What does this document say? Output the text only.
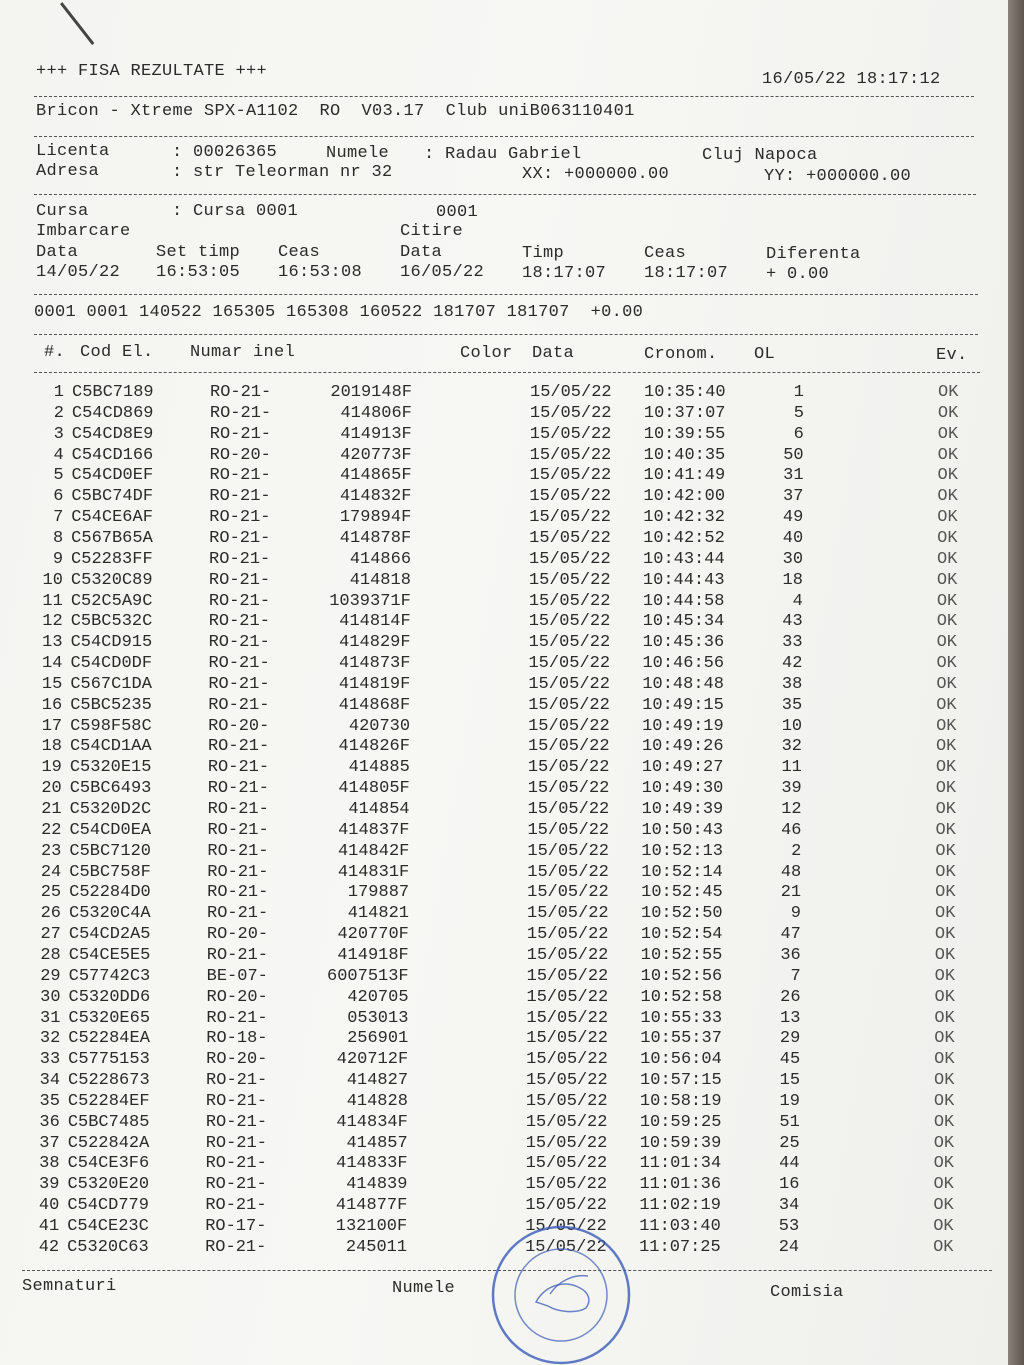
+++ FISA REZULTATE +++	16/05/22 18:17:12
Bricon - Xtreme SPX-A1102  RO  V03.17  Club uniB063110401
Licenta	: 00026365	Numele : Radau Gabriel	Cluj Napoca
Adresa	: str Teleorman nr 32	XX: +000000.00	YY: +000000.00
Cursa	: Cursa 0001	0001
Imbarcare	Citire
Data	Set timp Ceas	Data	Timp	Ceas	Diferenta
14/05/22 16:53:05 16:53:08 16/05/22 18:17:07 18:17:07 + 0.00
0001 0001 140522 165305 165308 160522 181707 181707  +0.00
#. Cod El. Numar inel	Color Data	Cronom. OL	Ev.
1 C5BC7189	RO-21-	2019148F	15/05/22 10:35:40	1	OK
2 C54CD869	RO-21-	414806F	15/05/22 10:37:07	5	OK
3 C54CD8E9	RO-21-	414913F	15/05/22 10:39:55	6	OK
4 C54CD166	RO-20-	420773F	15/05/22 10:40:35	50	OK
5 C54CD0EF	RO-21-	414865F	15/05/22 10:41:49	31	OK
6 C5BC74DF	RO-21-	414832F	15/05/22 10:42:00	37	OK
7 C54CE6AF	RO-21-	179894F	15/05/22 10:42:32	49	OK
8 C567B65A	RO-21-	414878F	15/05/22 10:42:52	40	OK
9 C52283FF	RO-21-	414866	15/05/22 10:43:44	30	OK
10 C5320C89	RO-21-	414818	15/05/22 10:44:43	18	OK
11 C52C5A9C	RO-21-	1039371F	15/05/22 10:44:58	4	OK
12 C5BC532C	RO-21-	414814F	15/05/22 10:45:34	43	OK
13 C54CD915	RO-21-	414829F	15/05/22 10:45:36	33	OK
14 C54CD0DF	RO-21-	414873F	15/05/22 10:46:56	42	OK
15 C567C1DA	RO-21-	414819F	15/05/22 10:48:48	38	OK
16 C5BC5235	RO-21-	414868F	15/05/22 10:49:15	35	OK
17 C598F58C	RO-20-	420730	15/05/22 10:49:19	10	OK
18 C54CD1AA	RO-21-	414826F	15/05/22 10:49:26	32	OK
19 C5320E15	RO-21-	414885	15/05/22 10:49:27	11	OK
20 C5BC6493	RO-21-	414805F	15/05/22 10:49:30	39	OK
21 C5320D2C	RO-21-	414854	15/05/22 10:49:39	12	OK
22 C54CD0EA	RO-21-	414837F	15/05/22 10:50:43	46	OK
23 C5BC7120	RO-21-	414842F	15/05/22 10:52:13	2	OK
24 C5BC758F	RO-21-	414831F	15/05/22 10:52:14	48	OK
25 C52284D0	RO-21-	179887	15/05/22 10:52:45	21	OK
26 C5320C4A	RO-21-	414821	15/05/22 10:52:50	9	OK
27 C54CD2A5	RO-20-	420770F	15/05/22 10:52:54	47	OK
28 C54CE5E5	RO-21-	414918F	15/05/22 10:52:55	36	OK
29 C57742C3	BE-07-	6007513F	15/05/22 10:52:56	7	OK
30 C5320DD6	RO-20-	420705	15/05/22 10:52:58	26	OK
31 C5320E65	RO-21-	053013	15/05/22 10:55:33	13	OK
32 C52284EA	RO-18-	256901	15/05/22 10:55:37	29	OK
33 C5775153	RO-20-	420712F	15/05/22 10:56:04	45	OK
34 C5228673	RO-21-	414827	15/05/22 10:57:15	15	OK
35 C52284EF	RO-21-	414828	15/05/22 10:58:19	19	OK
36 C5BC7485	RO-21-	414834F	15/05/22 10:59:25	51	OK
37 C522842A	RO-21-	414857	15/05/22 10:59:39	25	OK
38 C54CE3F6	RO-21-	414833F	15/05/22 11:01:34	44	OK
39 C5320E20	RO-21-	414839	15/05/22 11:01:36	16	OK
40 C54CD779	RO-21-	414877F	15/05/22 11:02:19	34	OK
41 C54CE23C	RO-17-	132100F	15/05/22 11:03:40	53	OK
42 C5320C63	RO-21-	245011	15/05/22 11:07:25	24	OK
Semnaturi	Numele	Comisia
